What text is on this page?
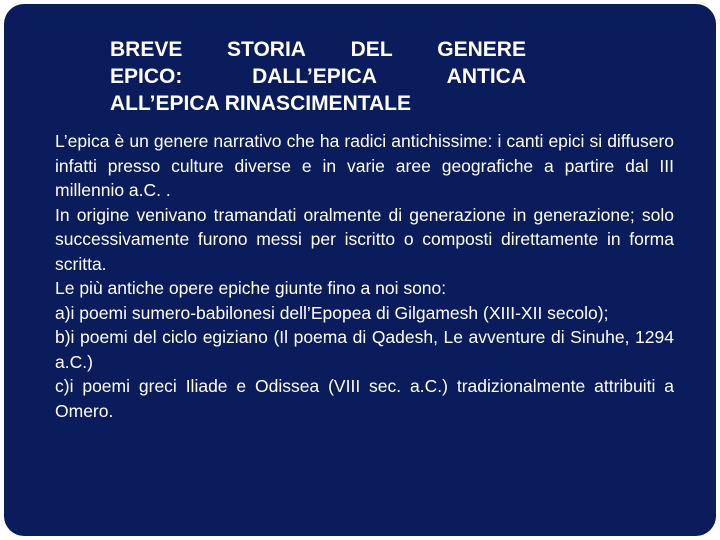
BREVE STORIA DEL GENERE
EPICO:	DALL’EPICA	ANTICA
ALL’EPICA RINASCIMENTALE

L’epica è un genere narrativo che ha radici antichissime: i canti epici si diffusero infatti presso culture diverse e in varie aree geografiche a partire dal III millennio a.C. .

In origine venivano tramandati oralmente di generazione in generazione; solo successivamente furono messi per iscritto o composti direttamente in forma scritta.

Le più antiche opere epiche giunte fino a noi sono:

a)i poemi sumero-babilonesi dell’Epopea di Gilgamesh (XIII-XII secolo);

b)i poemi del ciclo egiziano (Il poema di Qadesh, Le avventure di Sinuhe, 1294 a.C.)

c)i poemi greci Iliade e Odissea (VIII sec. a.C.) tradizionalmente attribuiti a Omero.
